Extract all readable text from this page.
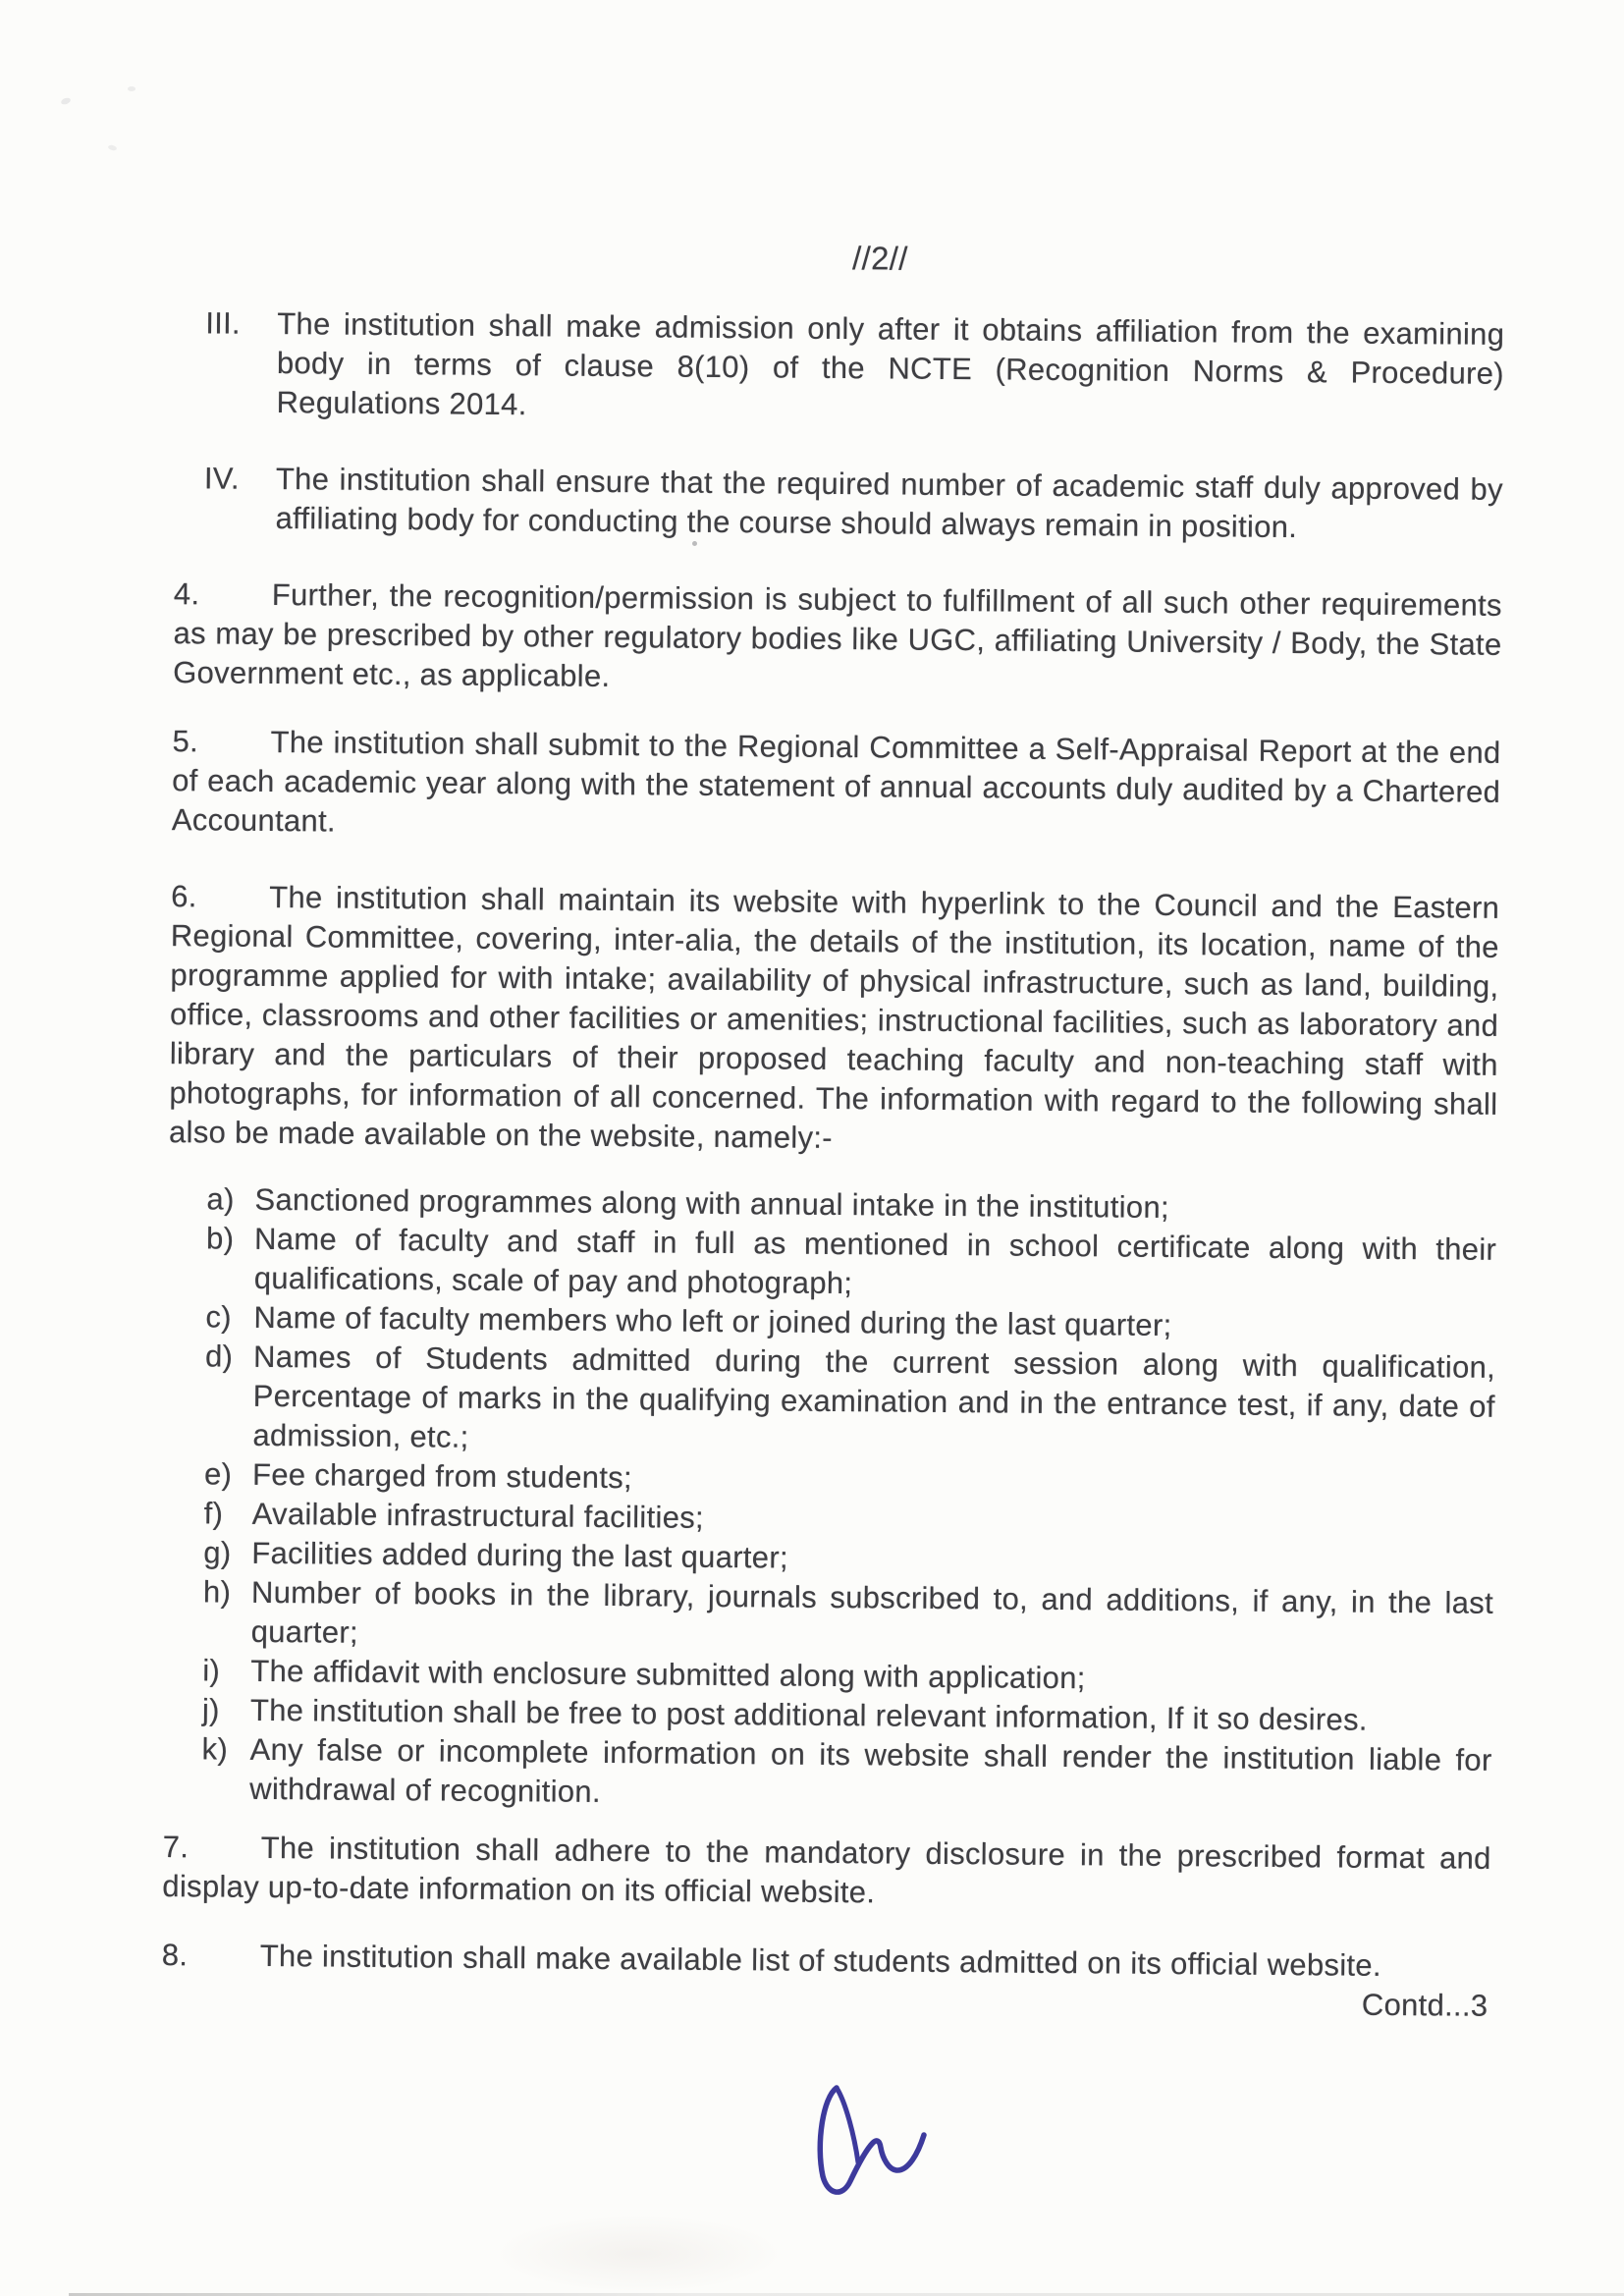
//2//
III. The institution shall make admission only after it obtains affiliation from the examining body in terms of clause 8(10) of the NCTE (Recognition Norms & Procedure) Regulations 2014.
IV. The institution shall ensure that the required number of academic staff duly approved by affiliating body for conducting the course should always remain in position.
4.	Further, the recognition/permission is subject to fulfillment of all such other requirements as may be prescribed by other regulatory bodies like UGC, affiliating University / Body, the State Government etc., as applicable.
5.	The institution shall submit to the Regional Committee a Self-Appraisal Report at the end of each academic year along with the statement of annual accounts duly audited by a Chartered Accountant.
6.	The institution shall maintain its website with hyperlink to the Council and the Eastern Regional Committee, covering, inter-alia, the details of the institution, its location, name of the programme applied for with intake; availability of physical infrastructure, such as land, building, office, classrooms and other facilities or amenities; instructional facilities, such as laboratory and library and the particulars of their proposed teaching faculty and non-teaching staff with photographs, for information of all concerned. The information with regard to the following shall also be made available on the website, namely:-
a) Sanctioned programmes along with annual intake in the institution;
b) Name of faculty and staff in full as mentioned in school certificate along with their qualifications, scale of pay and photograph;
c) Name of faculty members who left or joined during the last quarter;
d) Names of Students admitted during the current session along with qualification, Percentage of marks in the qualifying examination and in the entrance test, if any, date of admission, etc.;
e) Fee charged from students;
f) Available infrastructural facilities;
g) Facilities added during the last quarter;
h) Number of books in the library, journals subscribed to, and additions, if any, in the last quarter;
i) The affidavit with enclosure submitted along with application;
j) The institution shall be free to post additional relevant information, If it so desires.
k) Any false or incomplete information on its website shall render the institution liable for withdrawal of recognition.
7.	The institution shall adhere to the mandatory disclosure in the prescribed format and display up-to-date information on its official website.
8.	The institution shall make available list of students admitted on its official website.
Contd...3
